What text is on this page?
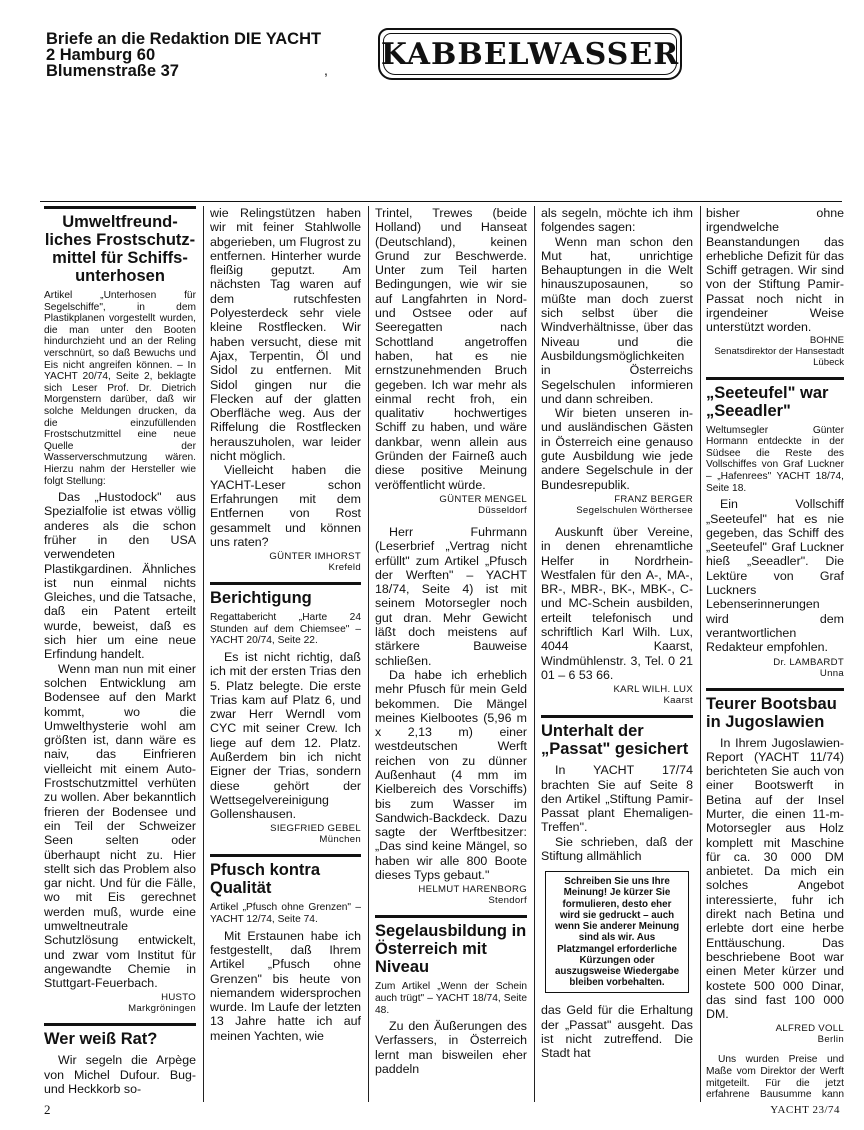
Briefe an die Redaktion DIE YACHT
2 Hamburg 60
Blumenstraße 37	, KABBELWASSER
Umweltfreund-liches Frostschutz-mittel für Schiffs-unterhosen

Artikel „Unterhosen für Segelschiffe", in dem Plastikplanen vorgestellt wurden, die man unter den Booten hindurchzieht und an der Reling verschnürt, so daß Bewuchs und Eis nicht angreifen können. – In YACHT 20/74, Seite 2, beklagte sich Leser Prof. Dr. Dietrich Morgenstern darüber, daß wir solche Meldungen drucken, da die einzufüllenden Frostschutzmittel eine neue Quelle der Wasserverschmutzung wären. Hierzu nahm der Hersteller wie folgt Stellung:

Das „Hustodock" aus Spezialfolie ist etwas völlig anderes als die schon früher in den USA verwendeten Plastikgardinen. Ähnliches ist nun einmal nichts Gleiches, und die Tatsache, daß ein Patent erteilt wurde, beweist, daß es sich hier um eine neue Erfindung handelt.

Wenn man nun mit einer solchen Entwicklung am Bodensee auf den Markt kommt, wo die Umwelthysterie wohl am größten ist, dann wäre es naiv, das Einfrieren vielleicht mit einem Auto-Frostschutzmittel verhüten zu wollen. Aber bekanntlich frieren der Bodensee und ein Teil der Schweizer Seen selten oder überhaupt nicht zu. Hier stellt sich das Problem also gar nicht. Und für die Fälle, wo mit Eis gerechnet werden muß, wurde eine umweltneutrale Schutzlösung entwickelt, und zwar vom Institut für angewandte Chemie in Stuttgart-Feuerbach.

HUSTO
Markgröningen
Wer weiß Rat?

Wir segeln die Arpège von Michel Dufour. Bug- und Heckkorb so-

wie Relingstützen haben wir mit feiner Stahlwolle abgerieben, um Flugrost zu entfernen. Hinterher wurde fleißig geputzt. Am nächsten Tag waren auf dem rutschfesten Polyesterdeck sehr viele kleine Rostflecken. Wir haben versucht, diese mit Ajax, Terpentin, Öl und Sidol zu entfernen. Mit Sidol gingen nur die Flecken auf der glatten Oberfläche weg. Aus der Riffelung die Rostflecken herauszuholen, war leider nicht möglich.

Vielleicht haben die YACHT-Leser schon Erfahrungen mit dem Entfernen von Rost gesammelt und können uns raten?

GÜNTER IMHORST
Krefeld
Berichtigung

Regattabericht „Harte 24 Stunden auf dem Chiemsee" – YACHT 20/74, Seite 22.

Es ist nicht richtig, daß ich mit der ersten Trias den 5. Platz belegte. Die erste Trias kam auf Platz 6, und zwar Herr Werndl vom CYC mit seiner Crew. Ich liege auf dem 12. Platz. Außerdem bin ich nicht Eigner der Trias, sondern diese gehört der Wettsegelvereinigung Gollenshausen.

SIEGFRIED GEBEL
München
Pfusch kontra Qualität

Artikel „Pfusch ohne Grenzen" – YACHT 12/74, Seite 74.

Mit Erstaunen habe ich festgestellt, daß Ihrem Artikel „Pfusch ohne Grenzen" bis heute von niemandem widersprochen wurde. Im Laufe der letzten 13 Jahre hatte ich auf meinen Yachten, wie

Trintel, Trewes (beide Holland) und Hanseat (Deutschland), keinen Grund zur Beschwerde. Unter zum Teil harten Bedingungen, wie wir sie auf Langfahrten in Nord- und Ostsee oder auf Seeregatten nach Schottland angetroffen haben, hat es nie ernstzunehmenden Bruch gegeben. Ich war mehr als einmal recht froh, ein qualitativ hochwertiges Schiff zu haben, und wäre dankbar, wenn allein aus Gründen der Fairneß auch diese positive Meinung veröffentlicht würde.

GÜNTER MENGEL
Düsseldorf

Herr Fuhrmann (Leserbrief „Vertrag nicht erfüllt" zum Artikel „Pfusch der Werften" – YACHT 18/74, Seite 4) ist mit seinem Motorsegler noch gut dran. Mehr Gewicht läßt doch meistens auf stärkere Bauweise schließen.

Da habe ich erheblich mehr Pfusch für mein Geld bekommen. Die Mängel meines Kielbootes (5,96 m x 2,13 m) einer westdeutschen Werft reichen von zu dünner Außenhaut (4 mm im Kielbereich des Vorschiffs) bis zum Wasser im Sandwich-Backdeck. Dazu sagte der Werftbesitzer: „Das sind keine Mängel, so haben wir alle 800 Boote dieses Typs gebaut."

HELMUT HARENBORG
Stendorf
Segelausbildung in Österreich mit Niveau

Zum Artikel „Wenn der Schein auch trügt" – YACHT 18/74, Seite 48.

Zu den Äußerungen des Verfassers, in Österreich lernt man bisweilen eher paddeln

als segeln, möchte ich ihm folgendes sagen:

Wenn man schon den Mut hat, unrichtige Behauptungen in die Welt hinauszuposaunen, so müßte man doch zuerst sich selbst über die Windverhältnisse, über das Niveau und die Ausbildungsmöglichkeiten in Österreichs Segelschulen informieren und dann schreiben.

Wir bieten unseren in- und ausländischen Gästen in Österreich eine genauso gute Ausbildung wie jede andere Segelschule in der Bundesrepublik.

FRANZ BERGER
Segelschulen Wörthersee

Auskunft über Vereine, in denen ehrenamtliche Helfer in Nordrhein-Westfalen für den A-, MA-, BR-, MBR-, BK-, MBK-, C- und MC-Schein ausbilden, erteilt telefonisch und schriftlich Karl Wilh. Lux, 4044 Kaarst, Windmühlenstr. 3, Tel. 0 21 01 – 6 53 66.

KARL WILH. LUX
Kaarst
Unterhalt der „Passat" gesichert

In YACHT 17/74 brachten Sie auf Seite 8 den Artikel „Stiftung Pamir-Passat plant Ehemaligen-Treffen".

Sie schrieben, daß der Stiftung allmählich

Schreiben Sie uns Ihre Meinung! Je kürzer Sie formulieren, desto eher wird sie gedruckt – auch wenn Sie anderer Meinung sind als wir. Aus Platzmangel erforderliche Kürzungen oder auszugsweise Wiedergabe bleiben vorbehalten.

das Geld für die Erhaltung der „Passat" ausgeht. Das ist nicht zutreffend. Die Stadt hat

bisher ohne irgendwelche Beanstandungen das erhebliche Defizit für das Schiff getragen. Wir sind von der Stiftung Pamir-Passat noch nicht in irgendeiner Weise unterstützt worden.

BOHNE
Senatsdirektor der Hansestadt Lübeck
„Seeteufel" war „Seeadler"

Weltumsegler Günter Hormann entdeckte in der Südsee die Reste des Vollschiffes von Graf Luckner – „Hafenrees" YACHT 18/74, Seite 18.

Ein Vollschiff „Seeteufel" hat es nie gegeben, das Schiff des „Seeteufel" Graf Luckner hieß „Seeadler". Die Lektüre von Graf Luckners Lebenserinnerungen wird dem verantwortlichen Redakteur empfohlen.

Dr. LAMBARDT
Unna
Teurer Bootsbau in Jugoslawien

In Ihrem Jugoslawien-Report (YACHT 11/74) berichteten Sie auch von einer Bootswerft in Betina auf der Insel Murter, die einen 11-m-Motorsegler aus Holz komplett mit Maschine für ca. 30 000 DM anbietet. Da mich ein solches Angebot interessierte, fuhr ich direkt nach Betina und erlebte dort eine herbe Enttäuschung. Das beschriebene Boot war einen Meter kürzer und kostete 500 000 Dinar, das sind fast 100 000 DM.

ALFRED VOLL
Berlin

Uns wurden Preise und Maße vom Direktor der Werft mitgeteilt. Für die jetzt erfahrene Bausumme kann

2	YACHT 23/74
